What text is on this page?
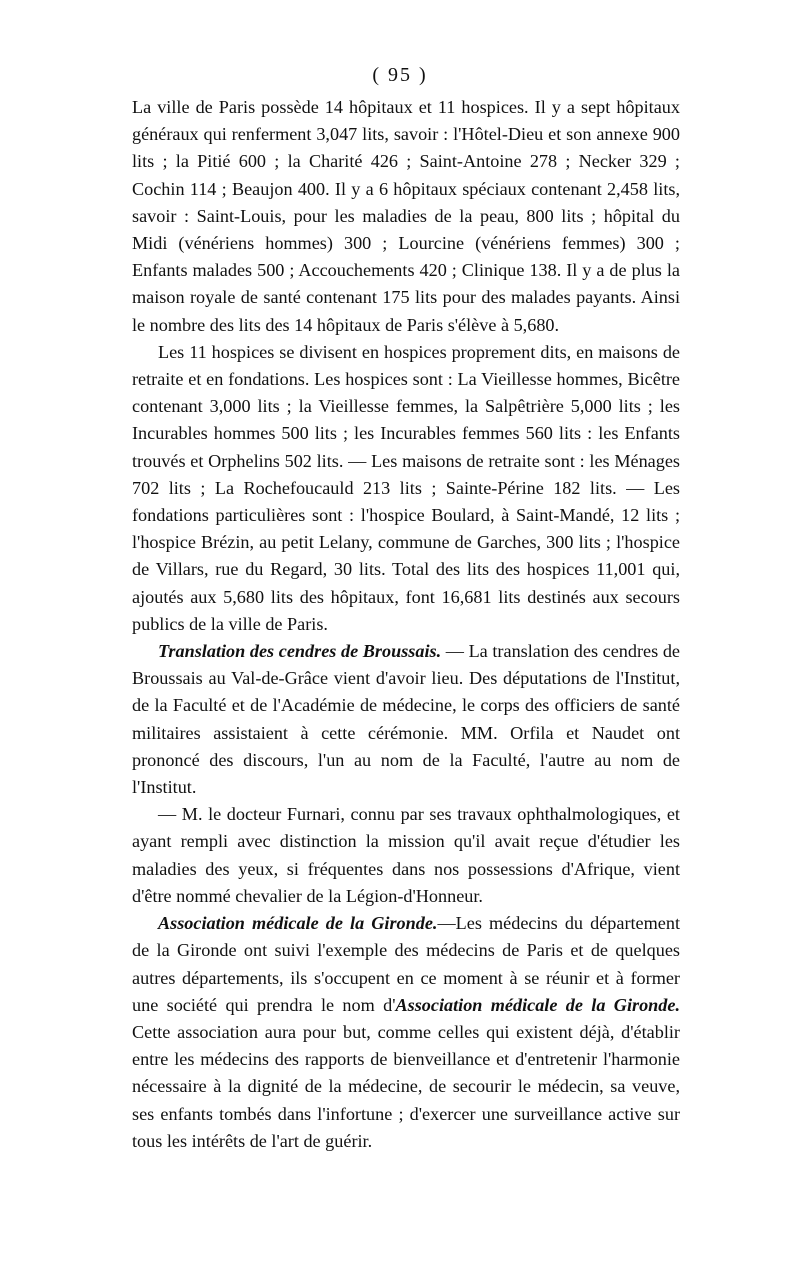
( 95 )

La ville de Paris possède 14 hôpitaux et 11 hospices. Il y a sept hôpitaux généraux qui renferment 3,047 lits, savoir : l'Hôtel-Dieu et son annexe 900 lits ; la Pitié 600 ; la Charité 426 ; Saint-Antoine 278 ; Necker 329 ; Cochin 114 ; Beaujon 400. Il y a 6 hôpitaux spéciaux contenant 2,458 lits, savoir : Saint-Louis, pour les maladies de la peau, 800 lits ; hôpital du Midi (vénériens hommes) 300 ; Lourcine (vénériens femmes) 300 ; Enfants malades 500 ; Accouchements 420 ; Clinique 138. Il y a de plus la maison royale de santé contenant 175 lits pour des malades payants. Ainsi le nombre des lits des 14 hôpitaux de Paris s'élève à 5,680.

Les 11 hospices se divisent en hospices proprement dits, en maisons de retraite et en fondations. Les hospices sont : La Vieillesse hommes, Bicêtre contenant 3,000 lits ; la Vieillesse femmes, la Salpêtrière 5,000 lits ; les Incurables hommes 500 lits ; les Incurables femmes 560 lits : les Enfants trouvés et Orphelins 502 lits. — Les maisons de retraite sont : les Ménages 702 lits ; La Rochefoucauld 213 lits ; Sainte-Périne 182 lits. — Les fondations particulières sont : l'hospice Boulard, à Saint-Mandé, 12 lits ; l'hospice Brézin, au petit Lelany, commune de Garches, 300 lits ; l'hospice de Villars, rue du Regard, 30 lits. Total des lits des hospices 11,001 qui, ajoutés aux 5,680 lits des hôpitaux, font 16,681 lits destinés aux secours publics de la ville de Paris.

Translation des cendres de Broussais. — La translation des cendres de Broussais au Val-de-Grâce vient d'avoir lieu. Des députations de l'Institut, de la Faculté et de l'Académie de médecine, le corps des officiers de santé militaires assistaient à cette cérémonie. MM. Orfila et Naudet ont prononcé des discours, l'un au nom de la Faculté, l'autre au nom de l'Institut.

— M. le docteur Furnari, connu par ses travaux ophthalmologiques, et ayant rempli avec distinction la mission qu'il avait reçue d'étudier les maladies des yeux, si fréquentes dans nos possessions d'Afrique, vient d'être nommé chevalier de la Légion-d'Honneur.

Association médicale de la Gironde.—Les médecins du département de la Gironde ont suivi l'exemple des médecins de Paris et de quelques autres départements, ils s'occupent en ce moment à se réunir et à former une société qui prendra le nom d'Association médicale de la Gironde. Cette association aura pour but, comme celles qui existent déjà, d'établir entre les médecins des rapports de bienveillance et d'entretenir l'harmonie nécessaire à la dignité de la médecine, de secourir le médecin, sa veuve, ses enfants tombés dans l'infortune ; d'exercer une surveillance active sur tous les intérêts de l'art de guérir.
